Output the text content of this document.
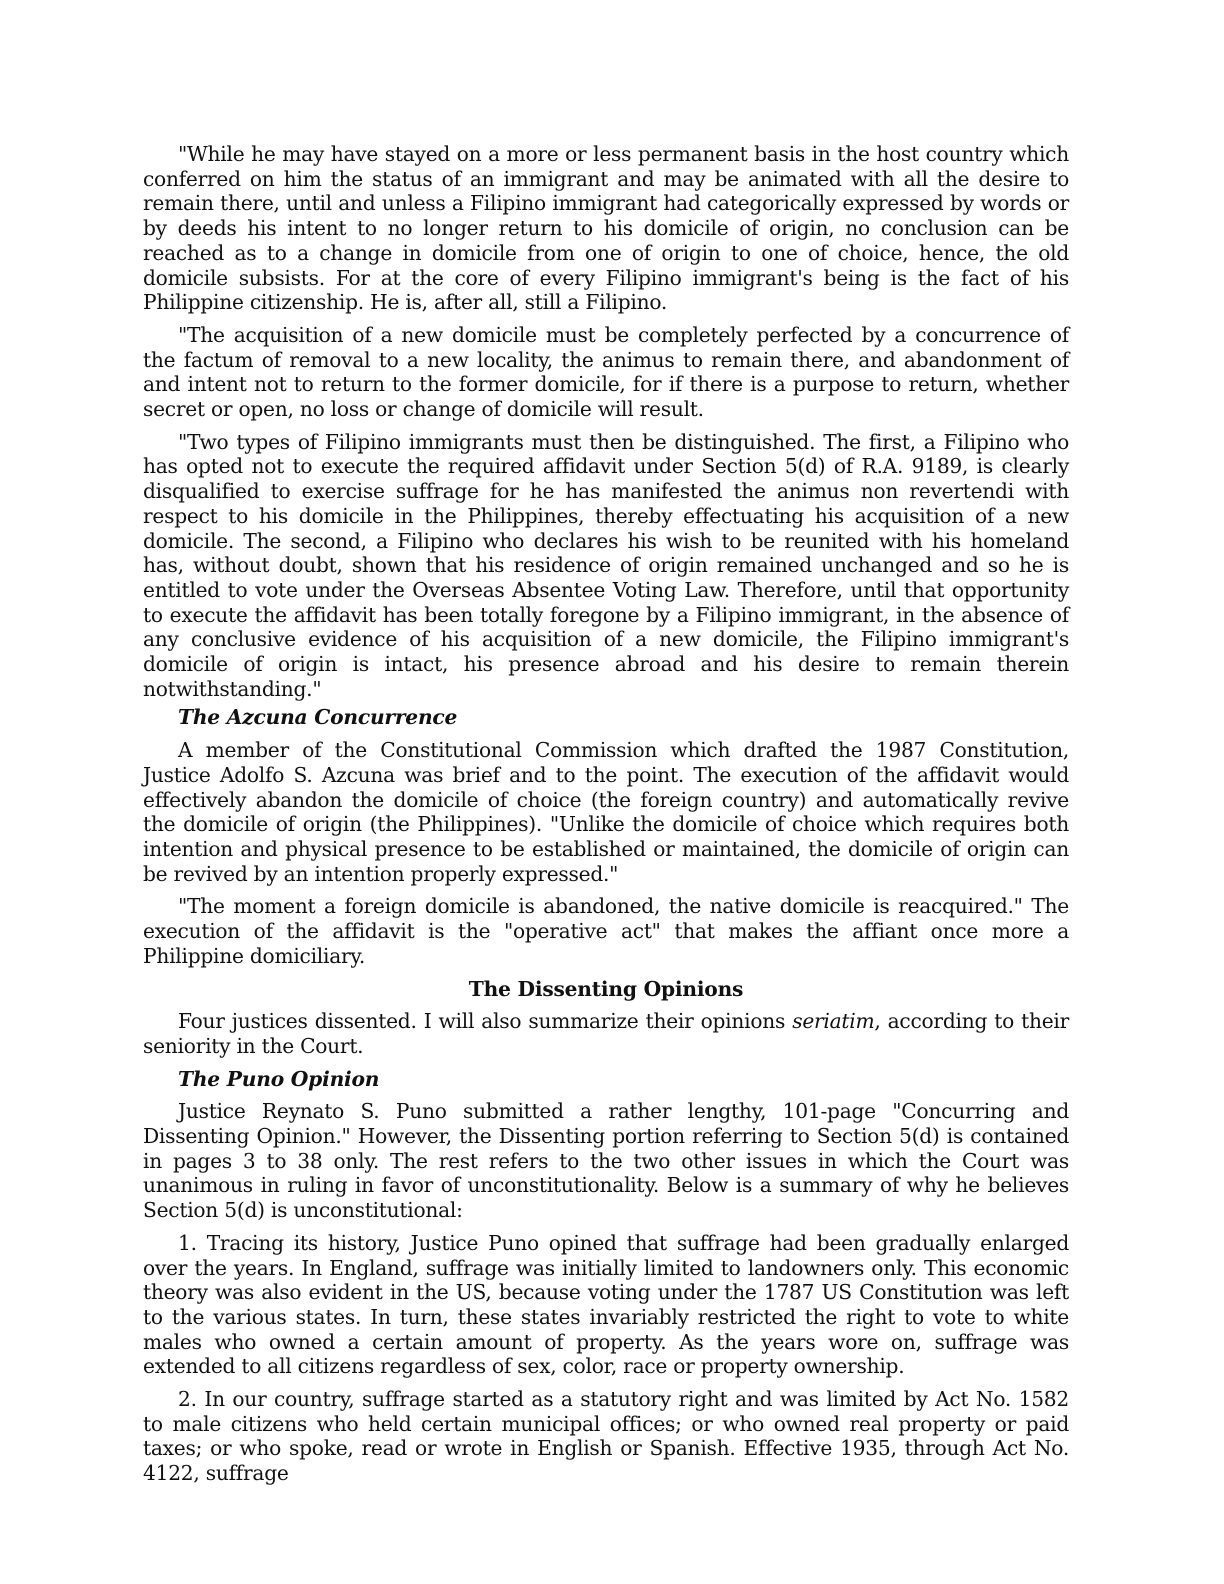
"While he may have stayed on a more or less permanent basis in the host country which conferred on him the status of an immigrant and may be animated with all the desire to remain there, until and unless a Filipino immigrant had categorically expressed by words or by deeds his intent to no longer return to his domicile of origin, no conclusion can be reached as to a change in domicile from one of origin to one of choice, hence, the old domicile subsists. For at the core of every Filipino immigrant's being is the fact of his Philippine citizenship. He is, after all, still a Filipino.

"The acquisition of a new domicile must be completely perfected by a concurrence of the factum of removal to a new locality, the animus to remain there, and abandonment of and intent not to return to the former domicile, for if there is a purpose to return, whether secret or open, no loss or change of domicile will result.

"Two types of Filipino immigrants must then be distinguished. The first, a Filipino who has opted not to execute the required affidavit under Section 5(d) of R.A. 9189, is clearly disqualified to exercise suffrage for he has manifested the animus non revertendi with respect to his domicile in the Philippines, thereby effectuating his acquisition of a new domicile. The second, a Filipino who declares his wish to be reunited with his homeland has, without doubt, shown that his residence of origin remained unchanged and so he is entitled to vote under the Overseas Absentee Voting Law. Therefore, until that opportunity to execute the affidavit has been totally foregone by a Filipino immigrant, in the absence of any conclusive evidence of his acquisition of a new domicile, the Filipino immigrant's domicile of origin is intact, his presence abroad and his desire to remain therein notwithstanding."

The Azcuna Concurrence

A member of the Constitutional Commission which drafted the 1987 Constitution, Justice Adolfo S. Azcuna was brief and to the point. The execution of the affidavit would effectively abandon the domicile of choice (the foreign country) and automatically revive the domicile of origin (the Philippines). "Unlike the domicile of choice which requires both intention and physical presence to be established or maintained, the domicile of origin can be revived by an intention properly expressed."

"The moment a foreign domicile is abandoned, the native domicile is reacquired." The execution of the affidavit is the "operative act" that makes the affiant once more a Philippine domiciliary.

The Dissenting Opinions

Four justices dissented. I will also summarize their opinions seriatim, according to their seniority in the Court.

The Puno Opinion

Justice Reynato S. Puno submitted a rather lengthy, 101-page "Concurring and Dissenting Opinion." However, the Dissenting portion referring to Section 5(d) is contained in pages 3 to 38 only. The rest refers to the two other issues in which the Court was unanimous in ruling in favor of unconstitutionality. Below is a summary of why he believes Section 5(d) is unconstitutional:

1. Tracing its history, Justice Puno opined that suffrage had been gradually enlarged over the years. In England, suffrage was initially limited to landowners only. This economic theory was also evident in the US, because voting under the 1787 US Constitution was left to the various states. In turn, these states invariably restricted the right to vote to white males who owned a certain amount of property. As the years wore on, suffrage was extended to all citizens regardless of sex, color, race or property ownership.

2. In our country, suffrage started as a statutory right and was limited by Act No. 1582 to male citizens who held certain municipal offices; or who owned real property or paid taxes; or who spoke, read or wrote in English or Spanish. Effective 1935, through Act No. 4122, suffrage
